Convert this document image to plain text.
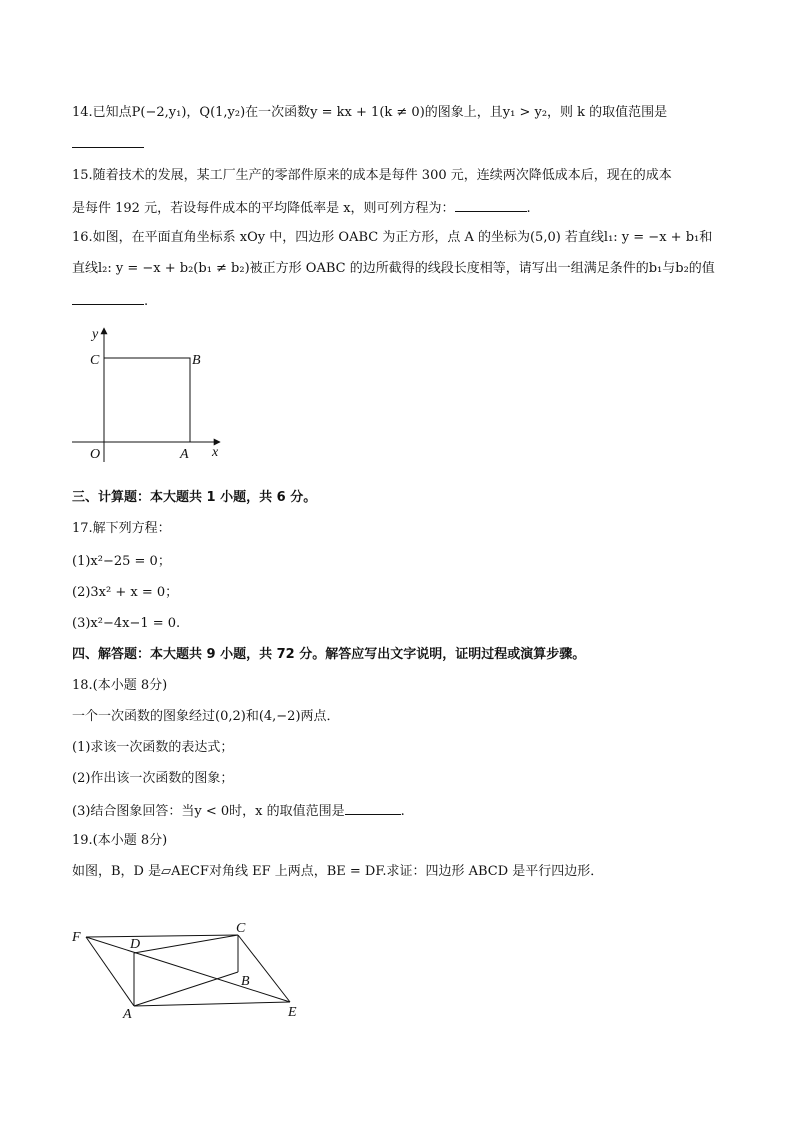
14.已知点P(−2,y₁)，Q(1,y₂)在一次函数y = kx + 1(k ≠ 0)的图象上，且y₁ > y₂，则 k 的取值范围是
15.随着技术的发展，某工厂生产的零部件原来的成本是每件 300 元，连续两次降低成本后，现在的成本
是每件 192 元，若设每件成本的平均降低率是 x，则可列方程为：	.
16.如图，在平面直角坐标系 xOy 中，四边形 OABC 为正方形，点 A 的坐标为(5,0) 若直线l₁: y = −x + b₁和
直线l₂: y = −x + b₂(b₁ ≠ b₂)被正方形 OABC 的边所截得的线段长度相等，请写出一组满足条件的b₁与b₂的值
.
y
C	B
O	A x
三、计算题：本大题共 1 小题，共 6 分。
17.解下列方程：
(1)x²−25 = 0；
(2)3x² + x = 0；
(3)x²−4x−1 = 0.
四、解答题：本大题共 9 小题，共 72 分。解答应写出文字说明，证明过程或演算步骤。
18.(本小题 8分)
一个一次函数的图象经过(0,2)和(4,−2)两点．
(1)求该一次函数的表达式；
(2)作出该一次函数的图象；
(3)结合图象回答：当y < 0时，x 的取值范围是	.
19.(本小题 8分)
如图，B，D 是▱AECF对角线 EF 上两点，BE = DF.求证：四边形 ABCD 是平行四边形．
F
C
D
B
A	E
